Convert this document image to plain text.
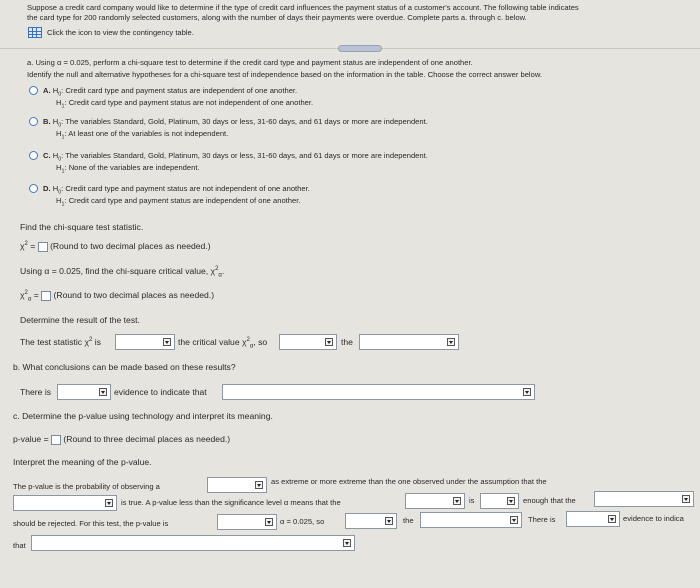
Suppose a credit card company would like to determine if the type of credit card influences the payment status of a customer's account. The following table indicates
the card type for 200 randomly selected customers, along with the number of days their payments were overdue. Complete parts a. through c. below.
Click the icon to view the contingency table.
a. Using α = 0.025, perform a chi-square test to determine if the credit card type and payment status are independent of one another.
Identify the null and alternative hypotheses for a chi-square test of independence based on the information in the table. Choose the correct answer below.
A. $H_0$: Credit card type and payment status are independent of one another.
$H_1$: Credit card type and payment status are not independent of one another.
B. $H_0$: The variables Standard, Gold, Platinum, 30 days or less, 31-60 days, and 61 days or more are independent.
$H_1$: At least one of the variables is not independent.
C. $H_0$: The variables Standard, Gold, Platinum, 30 days or less, 31-60 days, and 61 days or more are independent.
$H_1$: None of the variables are independent.
D. $H_0$: Credit card type and payment status are not independent of one another.
$H_1$: Credit card type and payment status are independent of one another.
Find the chi-square test statistic.
$\chi^2$ =  (Round to two decimal places as needed.)
Using α = 0.025, find the chi-square critical value, $\chi^2_\alpha$.
$\chi^2_\alpha$ =  (Round to two decimal places as needed.)
Determine the result of the test.
The test statistic $\chi^2$ is	the critical value $\chi^2_\alpha$, so	the
b. What conclusions can be made based on these results?
There is	evidence to indicate that
c. Determine the p-value using technology and interpret its meaning.
p-value = (Round to three decimal places as needed.)
Interpret the meaning of the p-value.
The p-value is the probability of observing a
as extreme or more extreme than the one observed under the assumption that the
is true. A p-value less than the significance level α means that the	is	enough that the
should be rejected. For this test, the p-value is	α = 0.025, so	the	There is	evidence to indica
that
